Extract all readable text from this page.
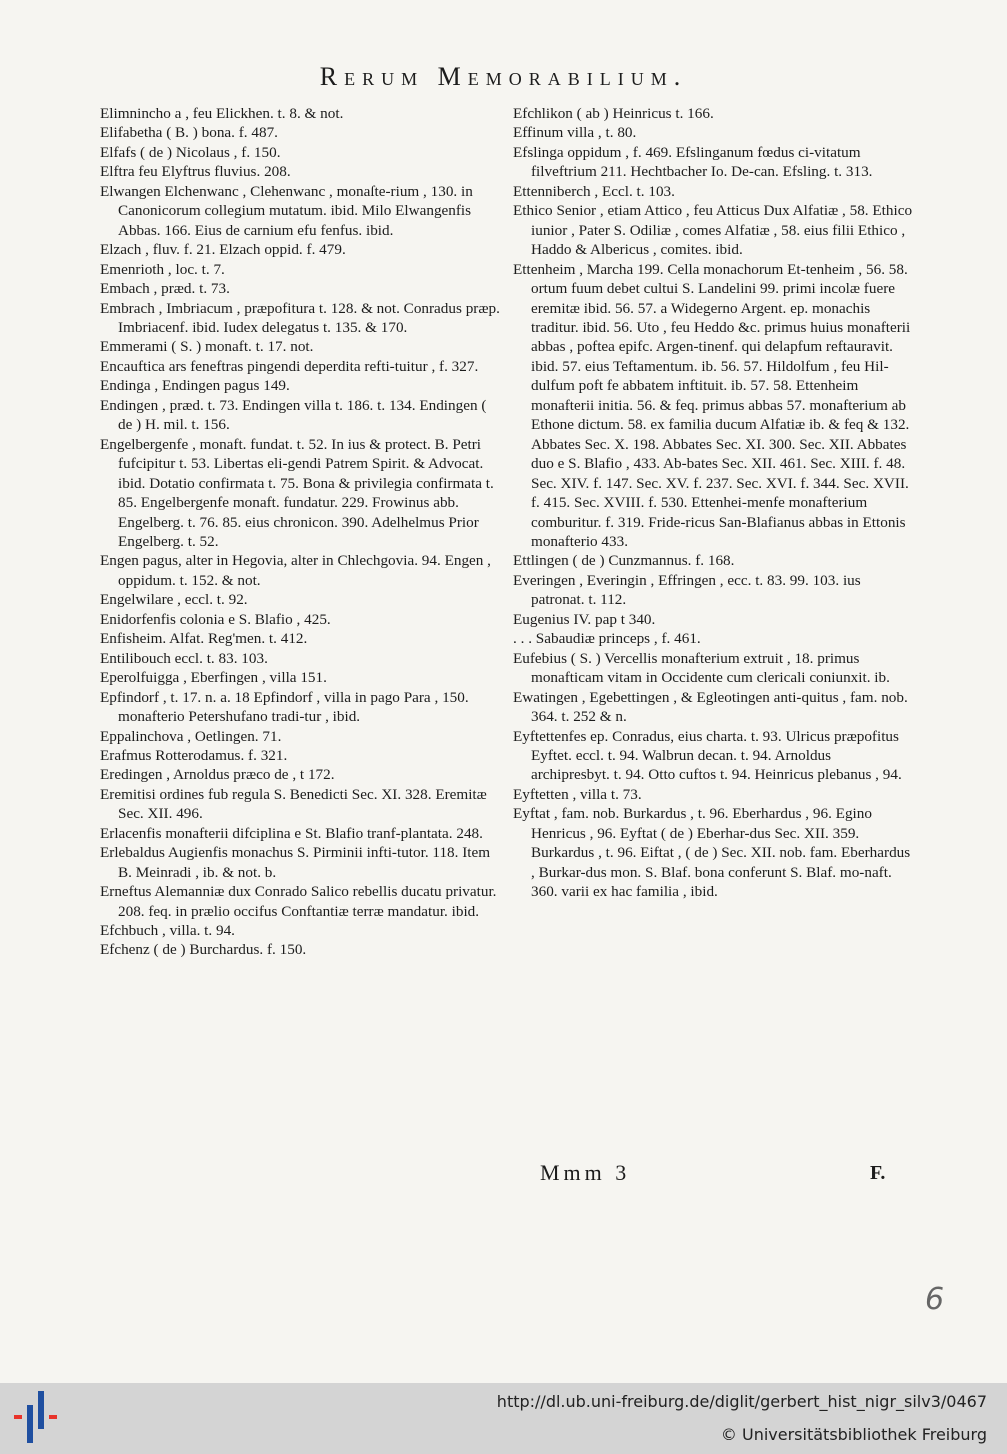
Rerum Memorabilium.

Elimnincho a , feu Elickhen. t. 8. & not.

Elifabetha ( B. ) bona. f. 487.

Elfafs ( de ) Nicolaus , f. 150.

Elftra feu Elyftrus fluvius. 208.

Elwangen Elchenwanc , Clehenwanc , monaſte-rium , 130. in Canonicorum collegium mutatum. ibid. Milo Elwangenfis Abbas. 166. Eius de carnium efu fenfus. ibid.

Elzach , fluv. f. 21. Elzach oppid. f. 479.

Emenrioth , loc. t. 7.

Embach , præd. t. 73.

Embrach , Imbriacum , præpofitura t. 128. & not. Conradus præp. Imbriacenf. ibid. Iudex delegatus t. 135. & 170.

Emmerami ( S. ) monaft. t. 17. not.

Encauftica ars feneftras pingendi deperdita refti-tuitur , f. 327.

Endinga , Endingen pagus 149.

Endingen , præd. t. 73. Endingen villa t. 186. t. 134. Endingen ( de ) H. mil. t. 156.

Engelbergenfe , monaft. fundat. t. 52. In ius & protect. B. Petri fufcipitur t. 53. Libertas eli-gendi Patrem Spirit. & Advocat. ibid. Dotatio confirmata t. 75. Bona & privilegia confirmata t. 85. Engelbergenfe monaft. fundatur. 229. Frowinus abb. Engelberg. t. 76. 85. eius chronicon. 390. Adelhelmus Prior Engelberg. t. 52.

Engen pagus, alter in Hegovia, alter in Chlechgovia. 94. Engen , oppidum. t. 152. & not.

Engelwilare , eccl. t. 92.

Enidorfenfis colonia e S. Blafio , 425.

Enfisheim. Alfat. Reg'men. t. 412.

Entilibouch eccl. t. 83. 103.

Eperolfuigga , Eberfingen , villa 151.

Epfindorf , t. 17. n. a. 18 Epfindorf , villa in pago Para , 150. monafterio Petershufano tradi-tur , ibid.

Eppalinchova , Oetlingen. 71.

Erafmus Rotterodamus. f. 321.

Eredingen , Arnoldus præco de , t 172.

Eremitisi ordines fub regula S. Benedicti Sec. XI. 328. Eremitæ Sec. XII. 496.

Erlacenfis monafterii difciplina e St. Blafio tranf-plantata. 248.

Erlebaldus Augienfis monachus S. Pirminii infti-tutor. 118. Item B. Meinradi , ib. & not. b.

Erneftus Alemanniæ dux Conrado Salico rebellis ducatu privatur. 208. feq. in prælio occifus Conftantiæ terræ mandatur. ibid.

Efchbuch , villa. t. 94.

Efchenz ( de ) Burchardus. f. 150.

Efchlikon ( ab ) Heinricus t. 166.

Effinum villa , t. 80.

Efslinga oppidum , f. 469. Efslinganum fœdus ci-vitatum filveftrium 211. Hechtbacher Io. De-can. Efsling. t. 313.

Ettenniberch , Eccl. t. 103.

Ethico Senior , etiam Attico , feu Atticus Dux Alfatiæ , 58. Ethico iunior , Pater S. Odiliæ , comes Alfatiæ , 58. eius filii Ethico , Haddo & Albericus , comites. ibid.

Ettenheim , Marcha 199. Cella monachorum Et-tenheim , 56. 58. ortum fuum debet cultui S. Landelini 99. primi incolæ fuere eremitæ ibid. 56. 57. a Widegerno Argent. ep. monachis traditur. ibid. 56. Uto , feu Heddo &c. primus huius monafterii abbas , poftea epifc. Argen-tinenf. qui delapfum reftauravit. ibid. 57. eius Teftamentum. ib. 56. 57. Hildolfum , feu Hil-dulfum poft fe abbatem inftituit. ib. 57. 58. Ettenheim monafterii initia. 56. & feq. primus abbas 57. monafterium ab Ethone dictum. 58. ex familia ducum Alfatiæ ib. & feq & 132. Abbates Sec. X. 198. Abbates Sec. XI. 300. Sec. XII. Abbates duo e S. Blafio , 433. Ab-bates Sec. XII. 461. Sec. XIII. f. 48. Sec. XIV. f. 147. Sec. XV. f. 237. Sec. XVI. f. 344. Sec. XVII. f. 415. Sec. XVIII. f. 530. Ettenhei-menfe monafterium comburitur. f. 319. Fride-ricus San-Blafianus abbas in Ettonis monafterio 433.

Ettlingen ( de ) Cunzmannus. f. 168.

Everingen , Everingin , Effringen , ecc. t. 83. 99. 103. ius patronat. t. 112.

Eugenius IV. pap t 340.

. . . Sabaudiæ princeps , f. 461.

Eufebius ( S. ) Vercellis monafterium extruit , 18. primus monafticam vitam in Occidente cum clericali coniunxit. ib.

Ewatingen , Egebettingen , & Egleotingen anti-quitus , fam. nob. 364. t. 252 & n.

Eyftettenfes ep. Conradus, eius charta. t. 93. Ulricus præpofitus Eyftet. eccl. t. 94. Walbrun decan. t. 94. Arnoldus archipresbyt. t. 94. Otto cuftos t. 94. Heinricus plebanus , 94.

Eyftetten , villa t. 73.

Eyftat , fam. nob. Burkardus , t. 96. Eberhardus , 96. Egino Henricus , 96. Eyftat ( de ) Eberhar-dus Sec. XII. 359. Burkardus , t. 96. Eiftat , ( de ) Sec. XII. nob. fam. Eberhardus , Burkar-dus mon. S. Blaf. bona conferunt S. Blaf. mo-naft. 360. varii ex hac familia , ibid.

Mmm 3	F.
6
http://dl.ub.uni-freiburg.de/diglit/gerbert_hist_nigr_silv3/0467
© Universitätsbibliothek Freiburg
